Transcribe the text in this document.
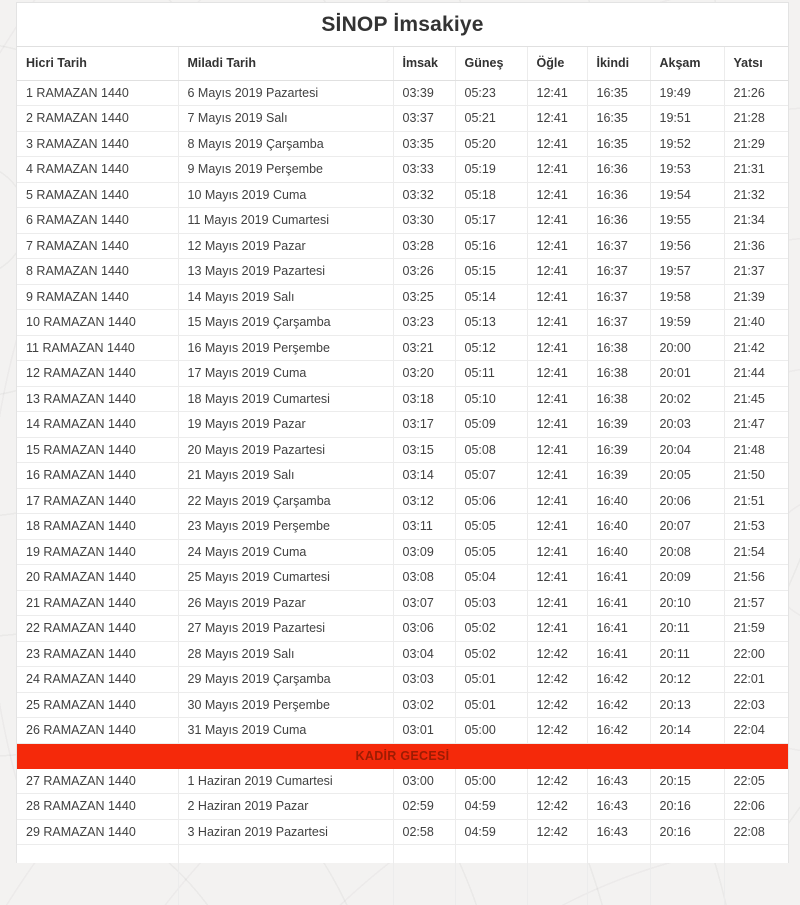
SİNOP İmsakiye
Hicri Tarih	Miladi Tarih	İmsak	Güneş	Öğle	İkindi	Akşam	Yatsı
1 RAMAZAN 1440	6 Mayıs 2019 Pazartesi	03:39	05:23	12:41	16:35	19:49	21:26
2 RAMAZAN 1440	7 Mayıs 2019 Salı	03:37	05:21	12:41	16:35	19:51	21:28
3 RAMAZAN 1440	8 Mayıs 2019 Çarşamba	03:35	05:20	12:41	16:35	19:52	21:29
4 RAMAZAN 1440	9 Mayıs 2019 Perşembe	03:33	05:19	12:41	16:36	19:53	21:31
5 RAMAZAN 1440	10 Mayıs 2019 Cuma	03:32	05:18	12:41	16:36	19:54	21:32
6 RAMAZAN 1440	11 Mayıs 2019 Cumartesi	03:30	05:17	12:41	16:36	19:55	21:34
7 RAMAZAN 1440	12 Mayıs 2019 Pazar	03:28	05:16	12:41	16:37	19:56	21:36
8 RAMAZAN 1440	13 Mayıs 2019 Pazartesi	03:26	05:15	12:41	16:37	19:57	21:37
9 RAMAZAN 1440	14 Mayıs 2019 Salı	03:25	05:14	12:41	16:37	19:58	21:39
10 RAMAZAN 1440	15 Mayıs 2019 Çarşamba	03:23	05:13	12:41	16:37	19:59	21:40
11 RAMAZAN 1440	16 Mayıs 2019 Perşembe	03:21	05:12	12:41	16:38	20:00	21:42
12 RAMAZAN 1440	17 Mayıs 2019 Cuma	03:20	05:11	12:41	16:38	20:01	21:44
13 RAMAZAN 1440	18 Mayıs 2019 Cumartesi	03:18	05:10	12:41	16:38	20:02	21:45
14 RAMAZAN 1440	19 Mayıs 2019 Pazar	03:17	05:09	12:41	16:39	20:03	21:47
15 RAMAZAN 1440	20 Mayıs 2019 Pazartesi	03:15	05:08	12:41	16:39	20:04	21:48
16 RAMAZAN 1440	21 Mayıs 2019 Salı	03:14	05:07	12:41	16:39	20:05	21:50
17 RAMAZAN 1440	22 Mayıs 2019 Çarşamba	03:12	05:06	12:41	16:40	20:06	21:51
18 RAMAZAN 1440	23 Mayıs 2019 Perşembe	03:11	05:05	12:41	16:40	20:07	21:53
19 RAMAZAN 1440	24 Mayıs 2019 Cuma	03:09	05:05	12:41	16:40	20:08	21:54
20 RAMAZAN 1440	25 Mayıs 2019 Cumartesi	03:08	05:04	12:41	16:41	20:09	21:56
21 RAMAZAN 1440	26 Mayıs 2019 Pazar	03:07	05:03	12:41	16:41	20:10	21:57
22 RAMAZAN 1440	27 Mayıs 2019 Pazartesi	03:06	05:02	12:41	16:41	20:11	21:59
23 RAMAZAN 1440	28 Mayıs 2019 Salı	03:04	05:02	12:42	16:41	20:11	22:00
24 RAMAZAN 1440	29 Mayıs 2019 Çarşamba	03:03	05:01	12:42	16:42	20:12	22:01
25 RAMAZAN 1440	30 Mayıs 2019 Perşembe	03:02	05:01	12:42	16:42	20:13	22:03
26 RAMAZAN 1440	31 Mayıs 2019 Cuma	03:01	05:00	12:42	16:42	20:14	22:04
KADİR GECESİ							
27 RAMAZAN 1440	1 Haziran 2019 Cumartesi	03:00	05:00	12:42	16:43	20:15	22:05
28 RAMAZAN 1440	2 Haziran 2019 Pazar	02:59	04:59	12:42	16:43	20:16	22:06
29 RAMAZAN 1440	3 Haziran 2019 Pazartesi	02:58	04:59	12:42	16:43	20:16	22:08
